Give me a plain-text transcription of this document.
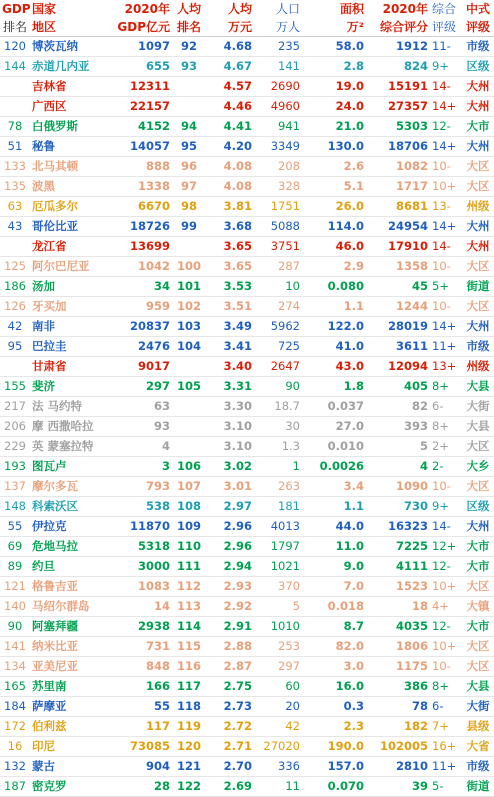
GDP	国家	2020年	人均	人均	人口	面积	2020年	综合	中式
排名	地区	GDP亿元	排名	万元	万人	万²	综合评分	评级	评级
120	博茨瓦纳	1097	92	4.68	235	58.0	1912	11-	市级
144	赤道几内亚	655	93	4.67	141	2.8	824	9+	区级
	吉林省	12311		4.57	2690	19.0	15191	14-	大州
	广西区	22157		4.46	4960	24.0	27357	14+	大州
78	白俄罗斯	4152	94	4.41	941	21.0	5303	12-	大市
51	秘鲁	14057	95	4.20	3349	130.0	18706	14+	大州
133	北马其顿	888	96	4.08	208	2.6	1082	10-	大区
135	波黑	1338	97	4.08	328	5.1	1717	10+	大区
63	厄瓜多尔	6670	98	3.81	1751	26.0	8681	13-	州级
43	哥伦比亚	18726	99	3.68	5088	114.0	24954	14+	大州
	龙江省	13699		3.65	3751	46.0	17910	14-	大州
125	阿尔巴尼亚	1042	100	3.65	287	2.9	1358	10-	大区
186	汤加	34	101	3.53	10	0.080	45	5+	街道
126	牙买加	959	102	3.51	274	1.1	1244	10-	大区
42	南非	20837	103	3.49	5962	122.0	28019	14+	大州
95	巴拉圭	2476	104	3.41	725	41.0	3611	11+	市级
	甘肃省	9017		3.40	2647	43.0	12094	13+	州级
155	斐济	297	105	3.31	90	1.8	405	8+	大县
217	法 马约特	63		3.30	18.7	0.037	82	6-	大街
206	摩 西撒哈拉	93		3.10	30	27.0	393	8+	大县
229	英 蒙塞拉特	4		3.10	1.3	0.010	5	2+	大区
193	图瓦卢	3	106	3.02	1	0.0026	4	2-	大乡
137	摩尔多瓦	793	107	3.01	263	3.4	1090	10-	大区
148	科索沃区	538	108	2.97	181	1.1	730	9+	区级
55	伊拉克	11870	109	2.96	4013	44.0	16323	14-	大州
69	危地马拉	5318	110	2.96	1797	11.0	7225	12+	大市
89	约旦	3000	111	2.94	1021	9.0	4111	12-	大市
121	格鲁吉亚	1083	112	2.93	370	7.0	1523	10+	大区
140	马绍尔群岛	14	113	2.92	5	0.018	18	4+	大镇
90	阿塞拜疆	2938	114	2.91	1010	8.7	4035	12-	大市
141	纳米比亚	731	115	2.88	253	82.0	1806	10+	大区
134	亚美尼亚	848	116	2.87	297	3.0	1175	10-	大区
165	苏里南	166	117	2.75	60	16.0	386	8+	大县
184	萨摩亚	55	118	2.73	20	0.3	78	6-	大街
172	伯利兹	117	119	2.72	42	2.3	182	7+	县级
16	印尼	73085	120	2.71	27020	190.0	102005	16+	大省
132	蒙古	904	121	2.70	336	157.0	2810	11+	市级
187	密克罗	28	122	2.69	11	0.070	39	5-	街道
